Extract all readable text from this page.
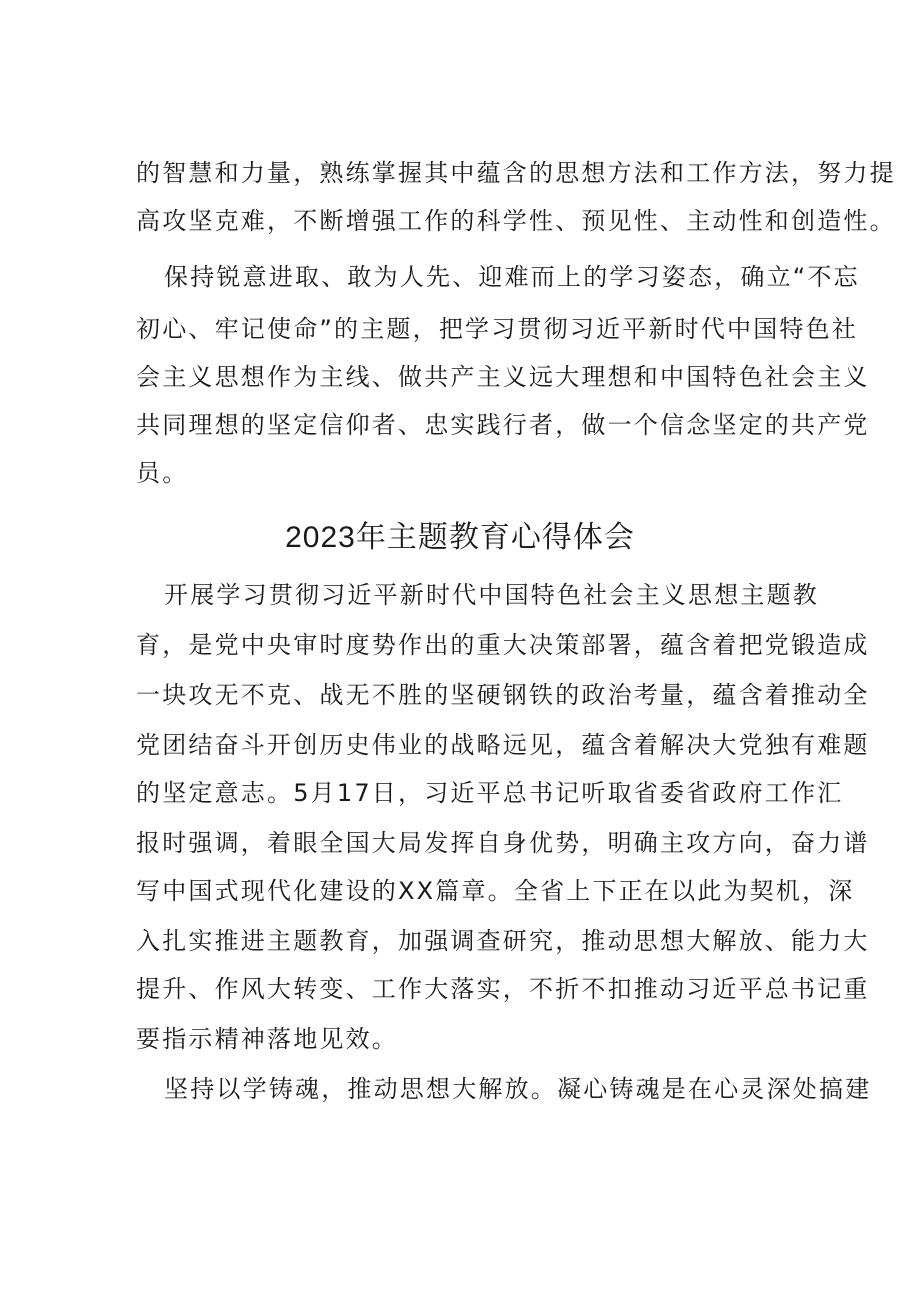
的智慧和力量，熟练掌握其中蕴含的思想方法和工作方法，努力提
高攻坚克难，不断增强工作的科学性、预见性、主动性和创造性。
保持锐意进取、敢为人先、迎难而上的学习姿态，确立“不忘
初心、牢记使命”的主题，把学习贯彻习近平新时代中国特色社
会主义思想作为主线、做共产主义远大理想和中国特色社会主义
共同理想的坚定信仰者、忠实践行者，做一个信念坚定的共产党
员。
2023年主题教育心得体会
开展学习贯彻习近平新时代中国特色社会主义思想主题教
育，是党中央审时度势作出的重大决策部署，蕴含着把党锻造成
一块攻无不克、战无不胜的坚硬钢铁的政治考量，蕴含着推动全
党团结奋斗开创历史伟业的战略远见，蕴含着解决大党独有难题
的坚定意志。5月17日，习近平总书记听取省委省政府工作汇
报时强调，着眼全国大局发挥自身优势，明确主攻方向，奋力谱
写中国式现代化建设的XX篇章。全省上下正在以此为契机，深
入扎实推进主题教育，加强调查研究，推动思想大解放、能力大
提升、作风大转变、工作大落实，不折不扣推动习近平总书记重
要指示精神落地见效。
坚持以学铸魂，推动思想大解放。凝心铸魂是在心灵深处搞建
